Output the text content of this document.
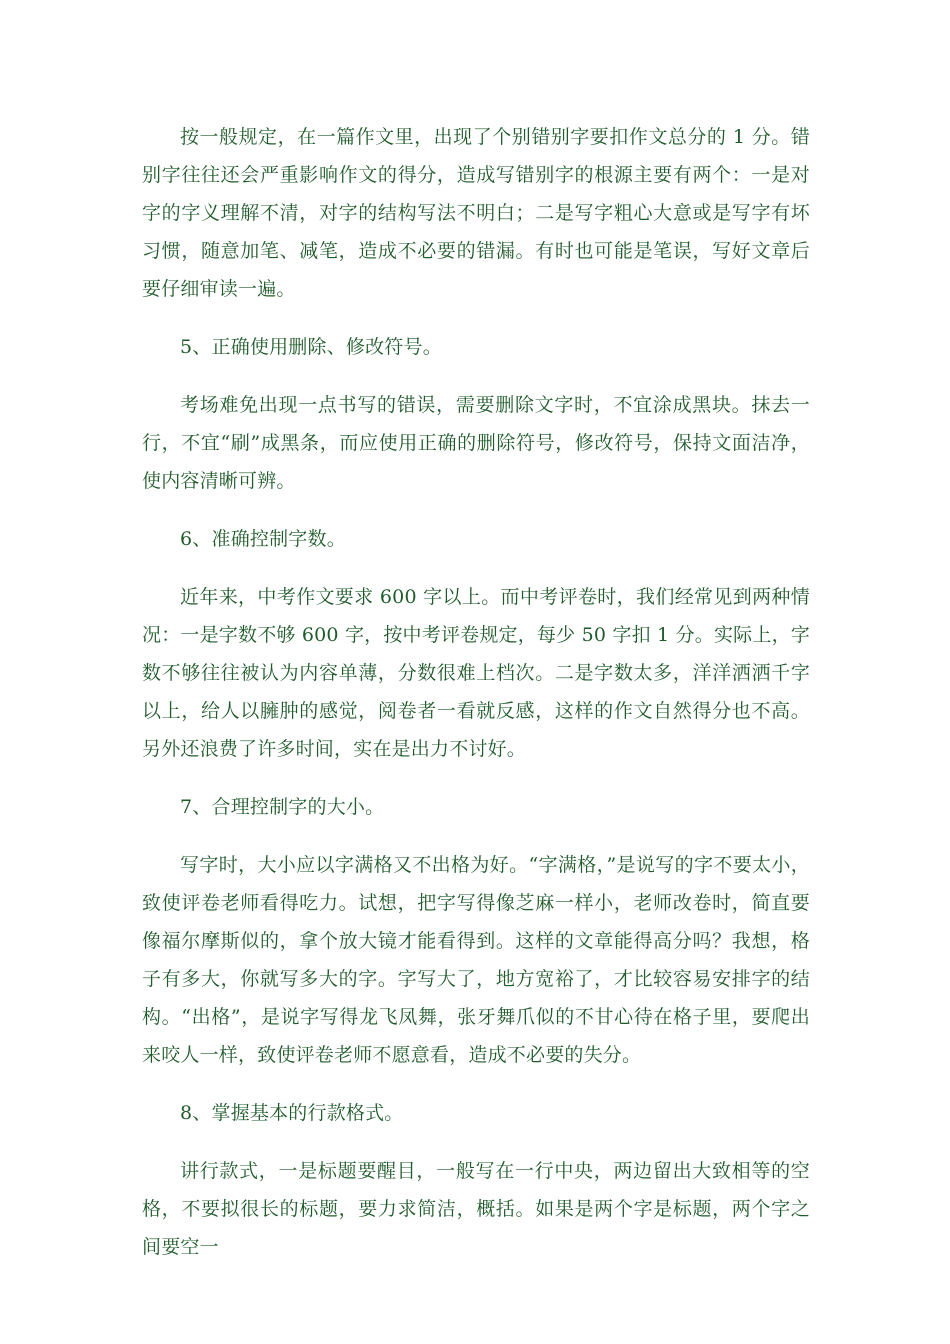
按一般规定，在一篇作文里，出现了个别错别字要扣作文总分的 1 分。错别字往往还会严重影响作文的得分，造成写错别字的根源主要有两个：一是对字的字义理解不清，对字的结构写法不明白；二是写字粗心大意或是写字有坏习惯，随意加笔、减笔，造成不必要的错漏。有时也可能是笔误，写好文章后要仔细审读一遍。

5、正确使用删除、修改符号。

考场难免出现一点书写的错误，需要删除文字时，不宜涂成黑块。抹去一行，不宜“刷”成黑条，而应使用正确的删除符号，修改符号，保持文面洁净，使内容清晰可辨。

6、准确控制字数。

近年来，中考作文要求 600 字以上。而中考评卷时，我们经常见到两种情况：一是字数不够 600 字，按中考评卷规定，每少 50 字扣 1 分。实际上，字数不够往往被认为内容单薄，分数很难上档次。二是字数太多，洋洋洒洒千字以上，给人以臃肿的感觉，阅卷者一看就反感，这样的作文自然得分也不高。另外还浪费了许多时间，实在是出力不讨好。

7、合理控制字的大小。

写字时，大小应以字满格又不出格为好。“字满格，”是说写的字不要太小，致使评卷老师看得吃力。试想，把字写得像芝麻一样小，老师改卷时，简直要像福尔摩斯似的，拿个放大镜才能看得到。这样的文章能得高分吗？我想，格子有多大，你就写多大的字。字写大了，地方宽裕了，才比较容易安排字的结构。“出格”，是说字写得龙飞凤舞，张牙舞爪似的不甘心待在格子里，要爬出来咬人一样，致使评卷老师不愿意看，造成不必要的失分。

8、掌握基本的行款格式。

讲行款式，一是标题要醒目，一般写在一行中央，两边留出大致相等的空格，不要拟很长的标题，要力求简洁，概括。如果是两个字是标题，两个字之间要空一
